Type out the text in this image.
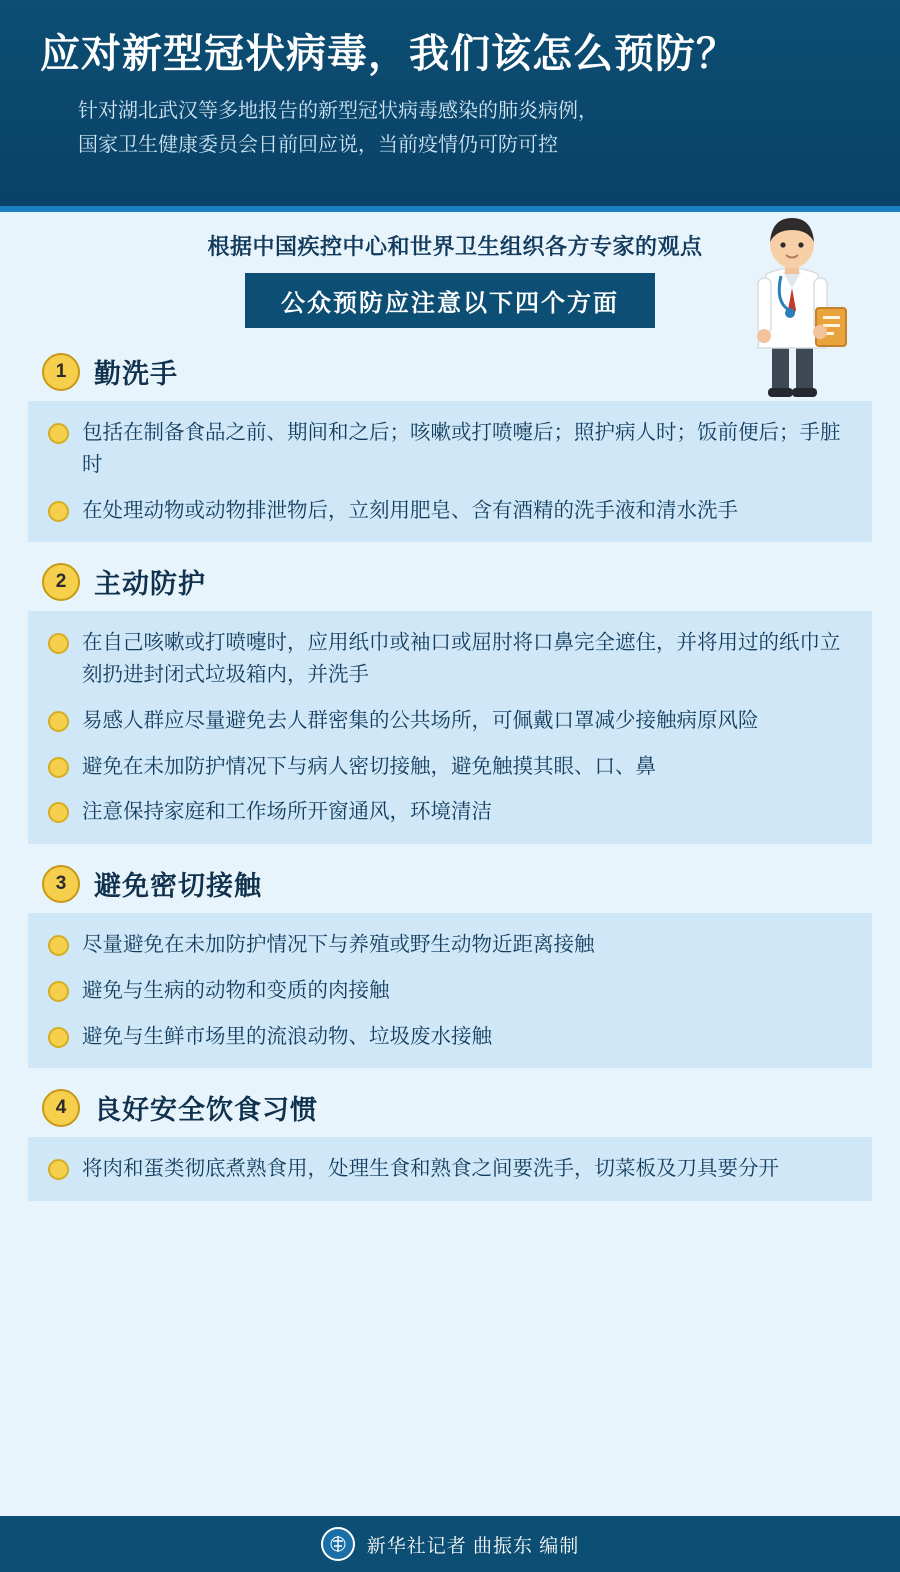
应对新型冠状病毒，我们该怎么预防？
针对湖北武汉等多地报告的新型冠状病毒感染的肺炎病例，
国家卫生健康委员会日前回应说，当前疫情仍可防可控
根据中国疾控中心和世界卫生组织各方专家的观点
公众预防应注意以下四个方面
1	勤洗手
包括在制备食品之前、期间和之后；咳嗽或打喷嚏后；照护病人时；饭前便后；手脏时
在处理动物或动物排泄物后，立刻用肥皂、含有酒精的洗手液和清水洗手
2	主动防护
在自己咳嗽或打喷嚏时，应用纸巾或袖口或屈肘将口鼻完全遮住，并将用过的纸巾立刻扔进封闭式垃圾箱内，并洗手
易感人群应尽量避免去人群密集的公共场所，可佩戴口罩减少接触病原风险
避免在未加防护情况下与病人密切接触，避免触摸其眼、口、鼻
注意保持家庭和工作场所开窗通风，环境清洁
3	避免密切接触
尽量避免在未加防护情况下与养殖或野生动物近距离接触
避免与生病的动物和变质的肉接触
避免与生鲜市场里的流浪动物、垃圾废水接触
4	良好安全饮食习惯
将肉和蛋类彻底煮熟食用，处理生食和熟食之间要洗手，切菜板及刀具要分开
新华社记者 曲振东 编制
